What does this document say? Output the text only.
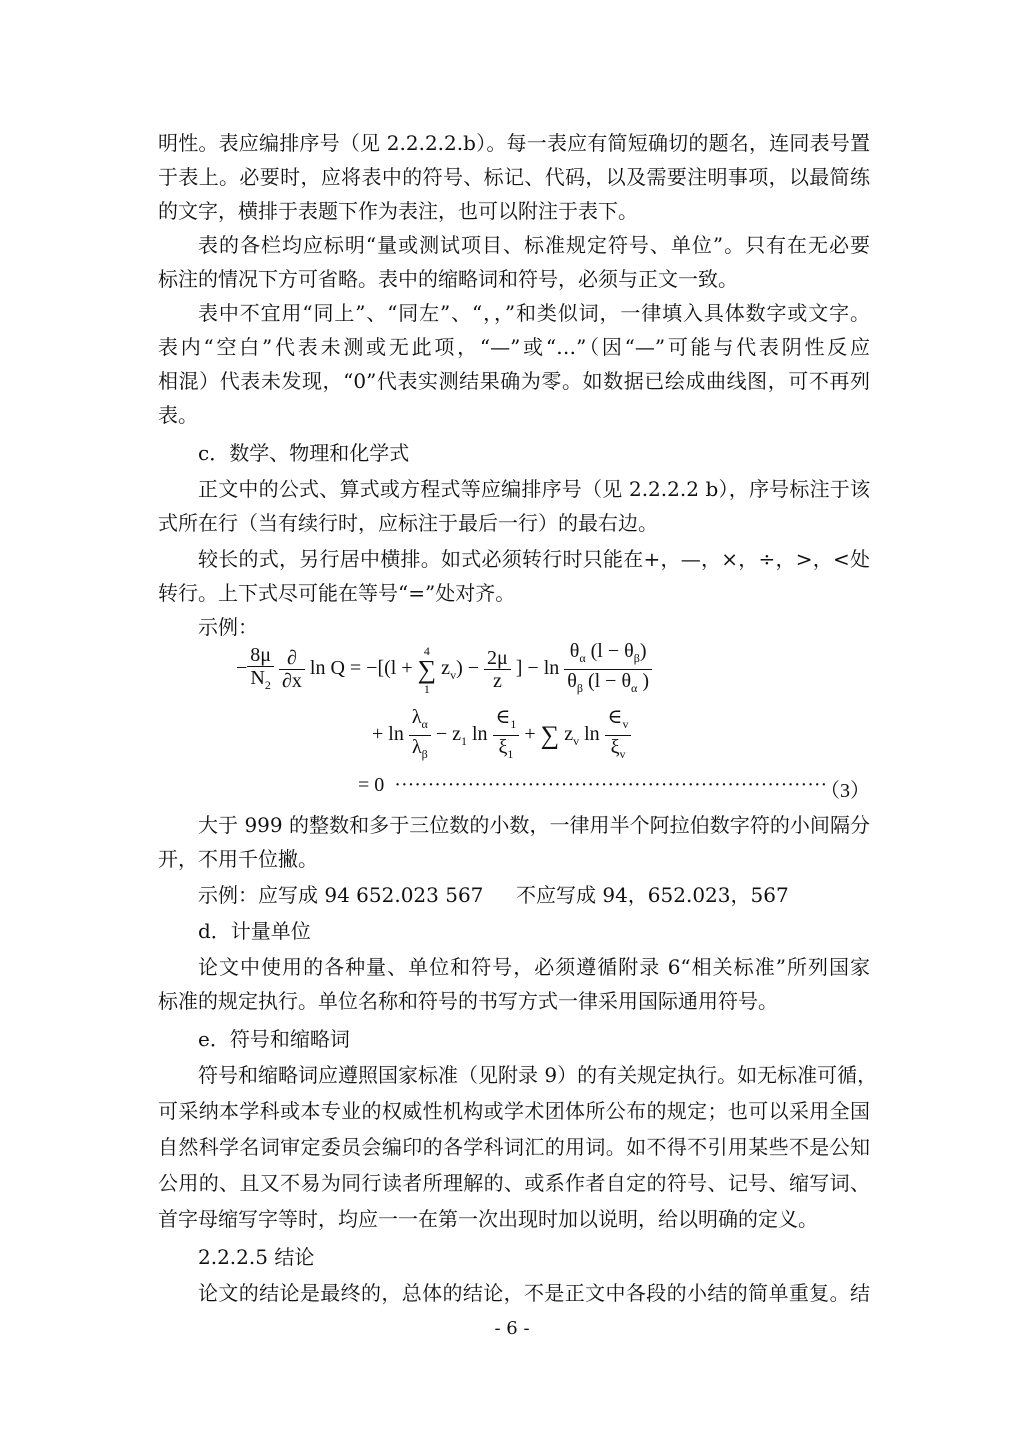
明性。表应编排序号（见 2.2.2.2.b）。每一表应有简短确切的题名，连同表号置
于表上。必要时，应将表中的符号、标记、代码，以及需要注明事项，以最简练
的文字，横排于表题下作为表注，也可以附注于表下。
表的各栏均应标明“量或测试项目、标准规定符号、单位”。只有在无必要
标注的情况下方可省略。表中的缩略词和符号，必须与正文一致。
表中不宜用“同上”、“同左”、“，，”和类似词，一律填入具体数字或文字。
表内“空白”代表未测或无此项，“—”或“…”（因“—”可能与代表阴性反应
相混）代表未发现，“0”代表实测结果确为零。如数据已绘成曲线图，可不再列
表。
c．数学、物理和化学式
正文中的公式、算式或方程式等应编排序号（见 2.2.2.2 b），序号标注于该
式所在行（当有续行时，应标注于最后一行）的最右边。
较长的式，另行居中横排。如式必须转行时只能在+，—，×，÷，>，<处
转行。上下式尽可能在等号“=”处对齐。
示例：
− $\frac{8\mu}{N_2}$
$\frac{\partial}{\partial x}$ ln Q = −[(l +
4
∑
1
$z_v) - \frac{2\mu}{z}$ ] − $\ln \frac{\theta_\alpha (l - \theta_\beta)}{\theta_\beta (l - \theta_\alpha )}$
+ $\ln \frac{\lambda_\alpha}{\lambda_\beta} - z_1$ $\ln \frac{\in_1}{\xi_1}$ + ∑ $z_v$ $\ln \frac{\in_v}{\xi_v}$
= 0  ·································································
（3）
大于 999 的整数和多于三位数的小数，一律用半个阿拉伯数字符的小间隔分
开，不用千位撇。
示例：应写成 94 652.023 567 不应写成 94，652.023，567
d．计量单位
论文中使用的各种量、单位和符号，必须遵循附录 6“相关标准”所列国家
标准的规定执行。单位名称和符号的书写方式一律采用国际通用符号。
e．符号和缩略词
符号和缩略词应遵照国家标准（见附录 9）的有关规定执行。如无标准可循，
可采纳本学科或本专业的权威性机构或学术团体所公布的规定；也可以采用全国
自然科学名词审定委员会编印的各学科词汇的用词。如不得不引用某些不是公知
公用的、且又不易为同行读者所理解的、或系作者自定的符号、记号、缩写词、
首字母缩写字等时，均应一一在第一次出现时加以说明，给以明确的定义。
2.2.2.5 结论
论文的结论是最终的，总体的结论，不是正文中各段的小结的简单重复。结
- 6 -
